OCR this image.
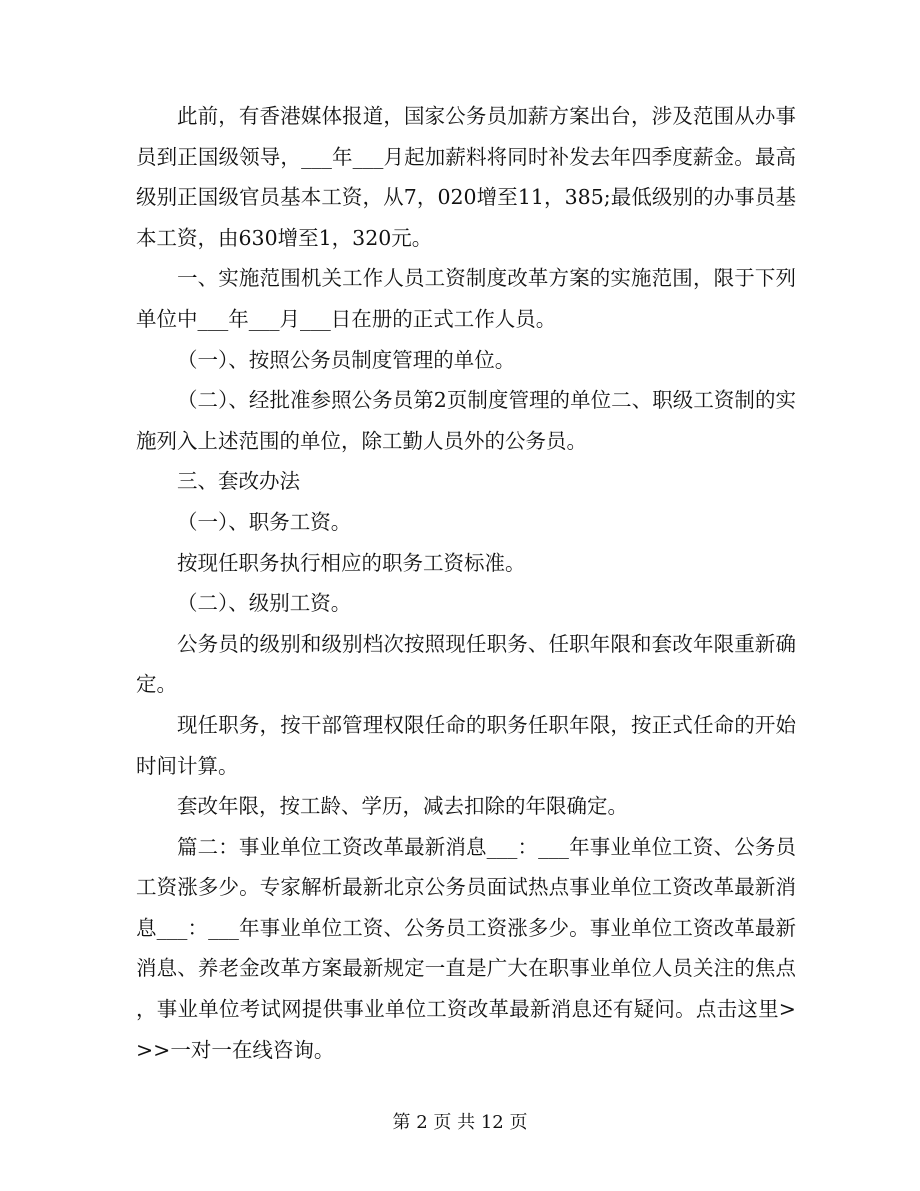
此前，有香港媒体报道，国家公务员加薪方案出台，涉及范围从办事员到正国级领导，___年___月起加薪料将同时补发去年四季度薪金。最高级别正国级官员基本工资，从7，020增至11，385;最低级别的办事员基本工资，由630增至1，320元。

一、实施范围机关工作人员工资制度改革方案的实施范围，限于下列单位中___年___月___日在册的正式工作人员。

（一）、按照公务员制度管理的单位。

（二）、经批准参照公务员第2页制度管理的单位二、职级工资制的实施列入上述范围的单位，除工勤人员外的公务员。

三、套改办法

（一）、职务工资。

按现任职务执行相应的职务工资标准。

（二）、级别工资。

公务员的级别和级别档次按照现任职务、任职年限和套改年限重新确定。

现任职务，按干部管理权限任命的职务任职年限，按正式任命的开始时间计算。

套改年限，按工龄、学历，减去扣除的年限确定。

篇二：事业单位工资改革最新消息___：___年事业单位工资、公务员工资涨多少。专家解析最新北京公务员面试热点事业单位工资改革最新消息___：___年事业单位工资、公务员工资涨多少。事业单位工资改革最新消息、养老金改革方案最新规定一直是广大在职事业单位人员关注的焦点，事业单位考试网提供事业单位工资改革最新消息还有疑问。点击这里>>>一对一在线咨询。

第 2 页 共 12 页
